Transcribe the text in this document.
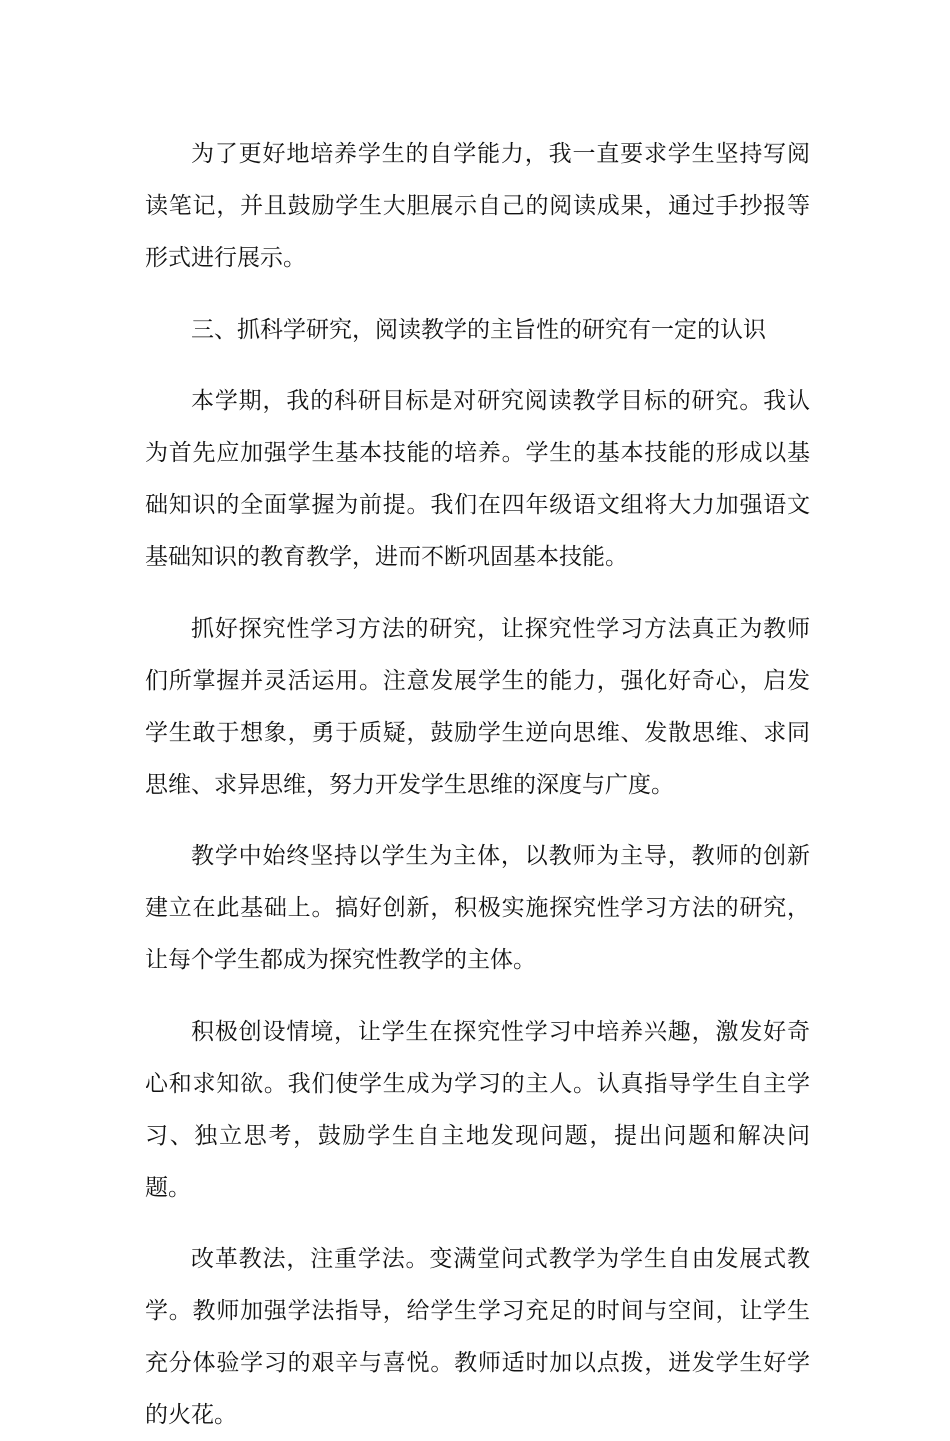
为了更好地培养学生的自学能力，我一直要求学生坚持写阅读笔记，并且鼓励学生大胆展示自己的阅读成果，通过手抄报等形式进行展示。

三、抓科学研究，阅读教学的主旨性的研究有一定的认识

本学期，我的科研目标是对研究阅读教学目标的研究。我认为首先应加强学生基本技能的培养。学生的基本技能的形成以基础知识的全面掌握为前提。我们在四年级语文组将大力加强语文基础知识的教育教学，进而不断巩固基本技能。

抓好探究性学习方法的研究，让探究性学习方法真正为教师们所掌握并灵活运用。注意发展学生的能力，强化好奇心，启发学生敢于想象，勇于质疑，鼓励学生逆向思维、发散思维、求同思维、求异思维，努力开发学生思维的深度与广度。

教学中始终坚持以学生为主体，以教师为主导，教师的创新建立在此基础上。搞好创新，积极实施探究性学习方法的研究，让每个学生都成为探究性教学的主体。

积极创设情境，让学生在探究性学习中培养兴趣，激发好奇心和求知欲。我们使学生成为学习的主人。认真指导学生自主学习、独立思考，鼓励学生自主地发现问题，提出问题和解决问题。

改革教法，注重学法。变满堂问式教学为学生自由发展式教学。教师加强学法指导，给学生学习充足的时间与空间，让学生充分体验学习的艰辛与喜悦。教师适时加以点拨，迸发学生好学的火花。
